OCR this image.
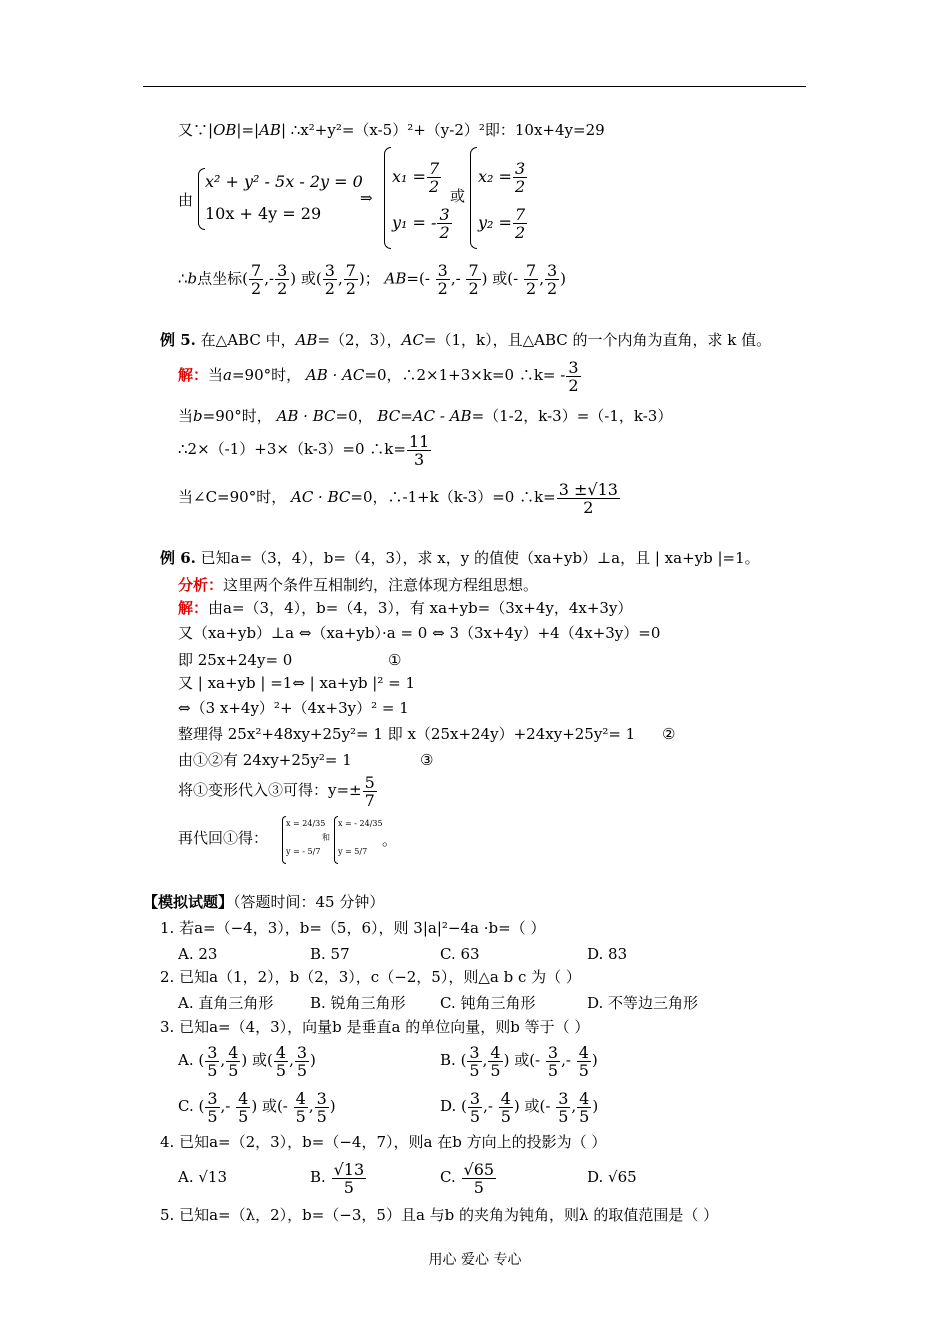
又∵|OB|=|AB| ∴x²+y²=（x-5）²+（y-2）²即：10x+4y=29
由
x² + y² - 5x - 2y = 0
10x + 4y = 29
⇒
$x_1 = \frac{7}{2}$
y₁ = - $\frac{3}{2}$
或
$x_2 = \frac{3}{2}$
$y_2 = \frac{7}{2}$
∴b点坐标( $\frac{7}{2}$ ,- $\frac{3}{2}$ ) 或( $\frac{3}{2}$ , $\frac{7}{2}$ )； $AB=(- \frac{3}{2}$ ,- $\frac{7}{2}$ ) 或(- $\frac{7}{2}$ , $\frac{3}{2}$ )
例 5. 在△ABC 中，AB=（2，3），AC=（1，k），且△ABC 的一个内角为直角，求 k 值。
解：当a=90°时， AB · AC=0，∴2×1+3×k=0 ∴k= - $\frac{3}{2}$
当b=90°时， AB · BC=0， BC=AC - AB=（1-2，k-3）=（-1，k-3）
∴2×（-1）+3×（k-3）=0 ∴k= $\frac{11}{3}$
当∠C=90°时， AC · BC=0，∴-1+k（k-3）=0 ∴k= $\frac{3 \pm√13}{2}$
例 6. 已知a=（3，4），b=（4，3），求 x，y 的值使（xa+yb）⊥a，且 | xa+yb |=1。
分析：这里两个条件互相制约，注意体现方程组思想。
解：由a=（3，4），b=（4，3），有 xa+yb=（3x+4y，4x+3y）
又（xa+yb）⊥a ⇔（xa+yb）·a = 0 ⇔ 3（3x+4y）+4（4x+3y）=0
即 25x+24y= 0	①
又 | xa+yb | =1⇔ | xa+yb |² = 1
⇔（3 x+4y）²+（4x+3y）² = 1
整理得 25x²+48xy+25y²= 1 即 x（25x+24y）+24xy+25y²= 1 ②
由①②有 24xy+25y²= 1	③
将①变形代入③可得：$y=\pm \frac{5}{7}$
再代回①得：
x = 24/35
y = - 5/7
和
x = - 24/35
y = 5/7
。
【模拟试题】（答题时间：45 分钟）
1. 若a=（−4，3），b=（5，6），则 3|a|²−4a ·b=（ ）
A. 23	B. 57	C. 63	D. 83
2. 已知a（1，2），b（2，3），c（−2，5），则△a b c 为（ ）
A. 直角三角形 B. 锐角三角形 C. 钝角三角形	D. 不等边三角形
3. 已知a=（4，3），向量b 是垂直a 的单位向量，则b 等于（ ）
A. ( $\frac{3}{5}$ , $\frac{4}{5}$ ) 或( $\frac{4}{5}$ , $\frac{3}{5}$ )	B. ( $\frac{3}{5}$ , $\frac{4}{5}$ ) 或(- $\frac{3}{5}$ ,- $\frac{4}{5}$ )
C. ( $\frac{3}{5}$ ,- $\frac{4}{5}$ ) 或(- $\frac{4}{5}$ , $\frac{3}{5}$ )	D. ( $\frac{3}{5}$ ,- $\frac{4}{5}$ ) 或(- $\frac{3}{5}$ , $\frac{4}{5}$ )
4. 已知a=（2，3），b=（−4，7），则a 在b 方向上的投影为（ ）
A. √13	B. $\frac{√13}{5}$	C. $\frac{√65}{5}$	D. √65
5. 已知a=（λ，2），b=（−3，5）且a 与b 的夹角为钝角，则λ 的取值范围是（ ）
用心 爱心 专心
